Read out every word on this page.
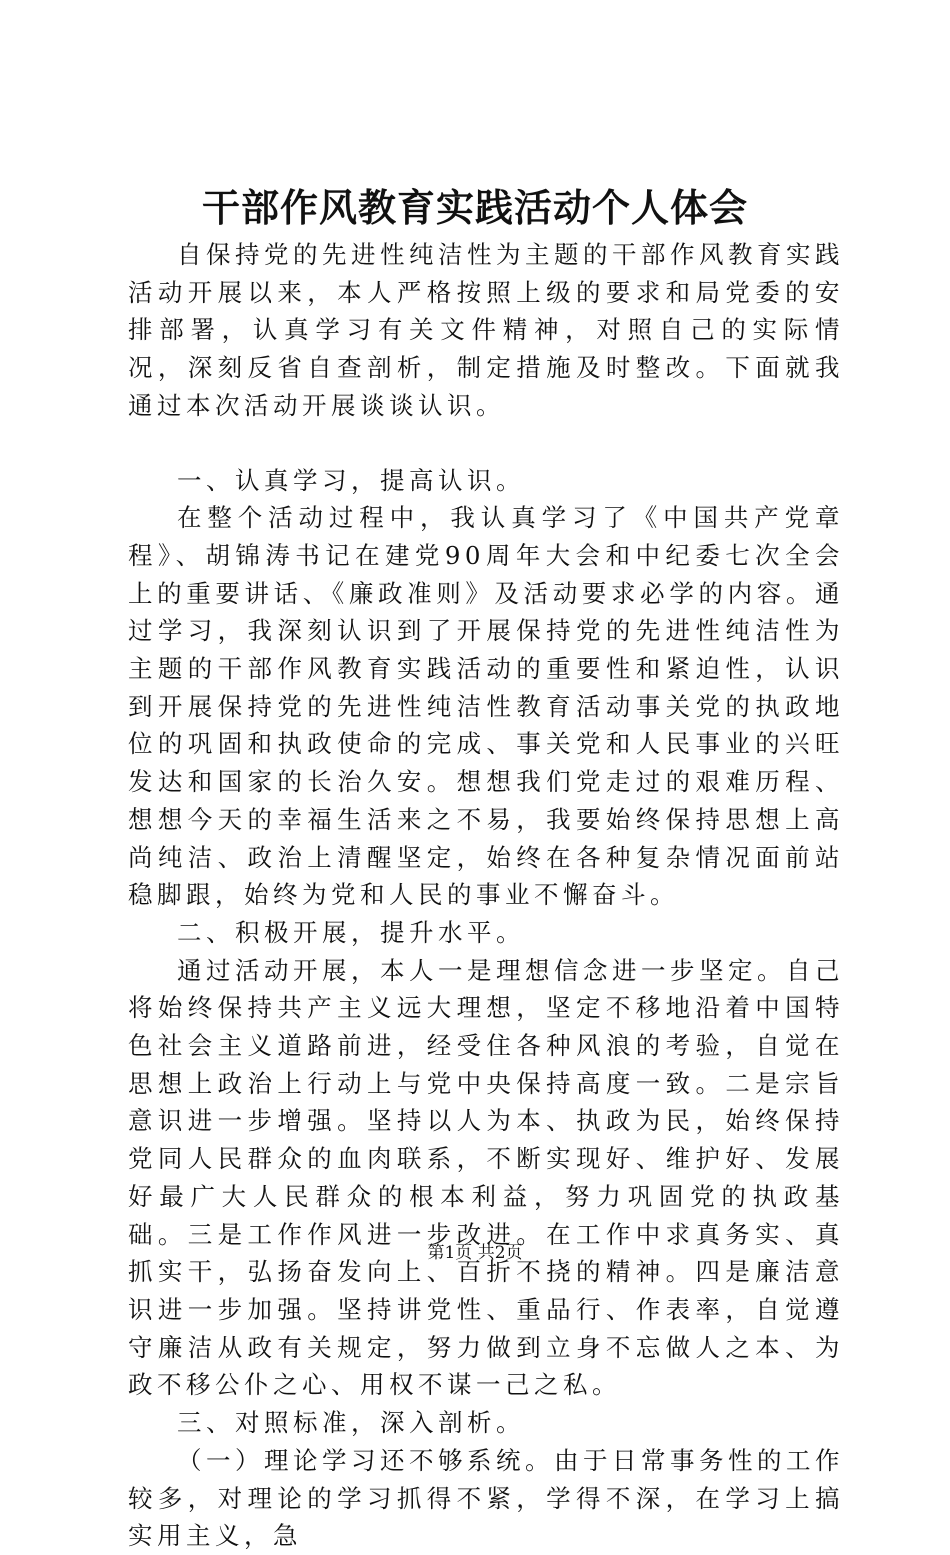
干部作风教育实践活动个人体会

自保持党的先进性纯洁性为主题的干部作风教育实践活动开展以来，本人严格按照上级的要求和局党委的安排部署，认真学习有关文件精神，对照自己的实际情况，深刻反省自查剖析，制定措施及时整改。下面就我通过本次活动开展谈谈认识。

一、认真学习，提高认识。

在整个活动过程中，我认真学习了《中国共产党章程》、胡锦涛书记在建党90周年大会和中纪委七次全会上的重要讲话、《廉政准则》及活动要求必学的内容。通过学习，我深刻认识到了开展保持党的先进性纯洁性为主题的干部作风教育实践活动的重要性和紧迫性，认识到开展保持党的先进性纯洁性教育活动事关党的执政地位的巩固和执政使命的完成、事关党和人民事业的兴旺发达和国家的长治久安。想想我们党走过的艰难历程、想想今天的幸福生活来之不易，我要始终保持思想上高尚纯洁、政治上清醒坚定，始终在各种复杂情况面前站稳脚跟，始终为党和人民的事业不懈奋斗。

二、积极开展，提升水平。

通过活动开展，本人一是理想信念进一步坚定。自己将始终保持共产主义远大理想，坚定不移地沿着中国特色社会主义道路前进，经受住各种风浪的考验，自觉在思想上政治上行动上与党中央保持高度一致。二是宗旨意识进一步增强。坚持以人为本、执政为民，始终保持党同人民群众的血肉联系，不断实现好、维护好、发展好最广大人民群众的根本利益，努力巩固党的执政基础。三是工作作风进一步改进。在工作中求真务实、真抓实干，弘扬奋发向上、百折不挠的精神。四是廉洁意识进一步加强。坚持讲党性、重品行、作表率，自觉遵守廉洁从政有关规定，努力做到立身不忘做人之本、为政不移公仆之心、用权不谋一己之私。

三、对照标准，深入剖析。

（一）理论学习还不够系统。由于日常事务性的工作较多，对理论的学习抓得不紧，学得不深，在学习上搞实用主义，急

第1页 共2页
